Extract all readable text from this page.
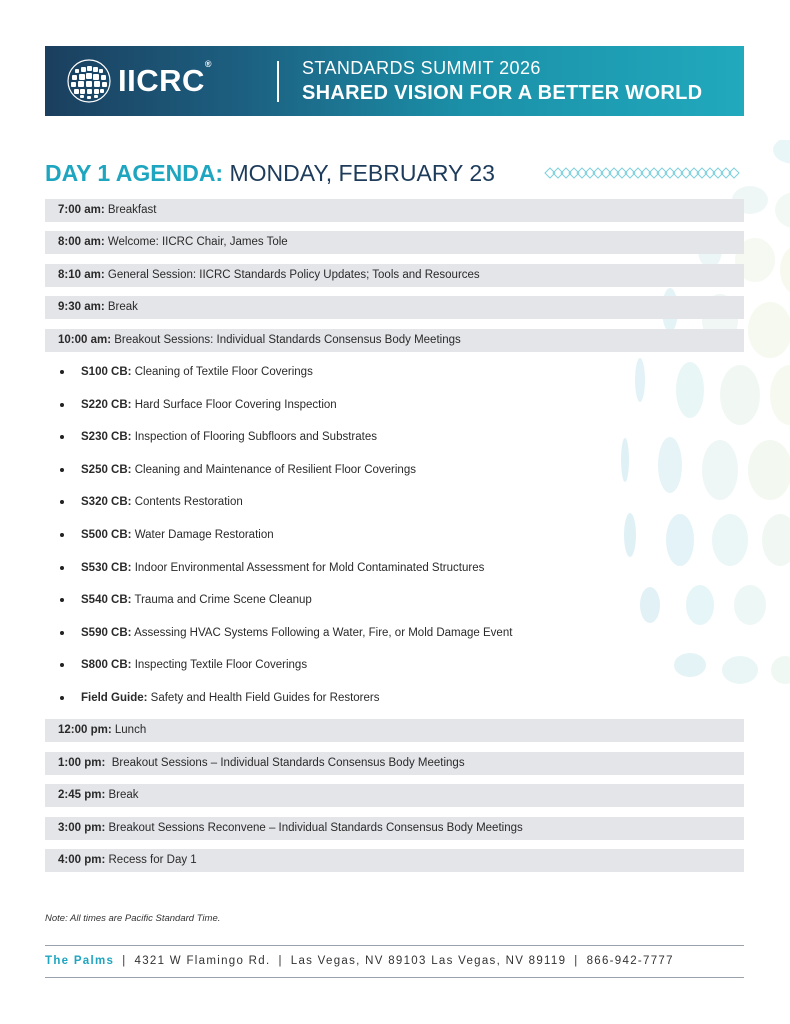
IICRC®	STANDARDS SUMMIT 2026
SHARED VISION FOR A BETTER WORLD
DAY 1 AGENDA: MONDAY, FEBRUARY 23
7:00 am: Breakfast
8:00 am: Welcome: IICRC Chair, James Tole
8:10 am: General Session: IICRC Standards Policy Updates; Tools and Resources
9:30 am: Break
10:00 am: Breakout Sessions: Individual Standards Consensus Body Meetings
S100 CB: Cleaning of Textile Floor Coverings
S220 CB: Hard Surface Floor Covering Inspection
S230 CB: Inspection of Flooring Subfloors and Substrates
S250 CB: Cleaning and Maintenance of Resilient Floor Coverings
S320 CB: Contents Restoration
S500 CB: Water Damage Restoration
S530 CB: Indoor Environmental Assessment for Mold Contaminated Structures
S540 CB: Trauma and Crime Scene Cleanup
S590 CB: Assessing HVAC Systems Following a Water, Fire, or Mold Damage Event
S800 CB: Inspecting Textile Floor Coverings
Field Guide: Safety and Health Field Guides for Restorers
12:00 pm: Lunch
1:00 pm:  Breakout Sessions – Individual Standards Consensus Body Meetings
2:45 pm: Break
3:00 pm: Breakout Sessions Reconvene – Individual Standards Consensus Body Meetings
4:00 pm: Recess for Day 1
Note: All times are Pacific Standard Time.
The Palms | 4321 W Flamingo Rd. | Las Vegas, NV 89103 Las Vegas, NV 89119 | 866-942-7777
